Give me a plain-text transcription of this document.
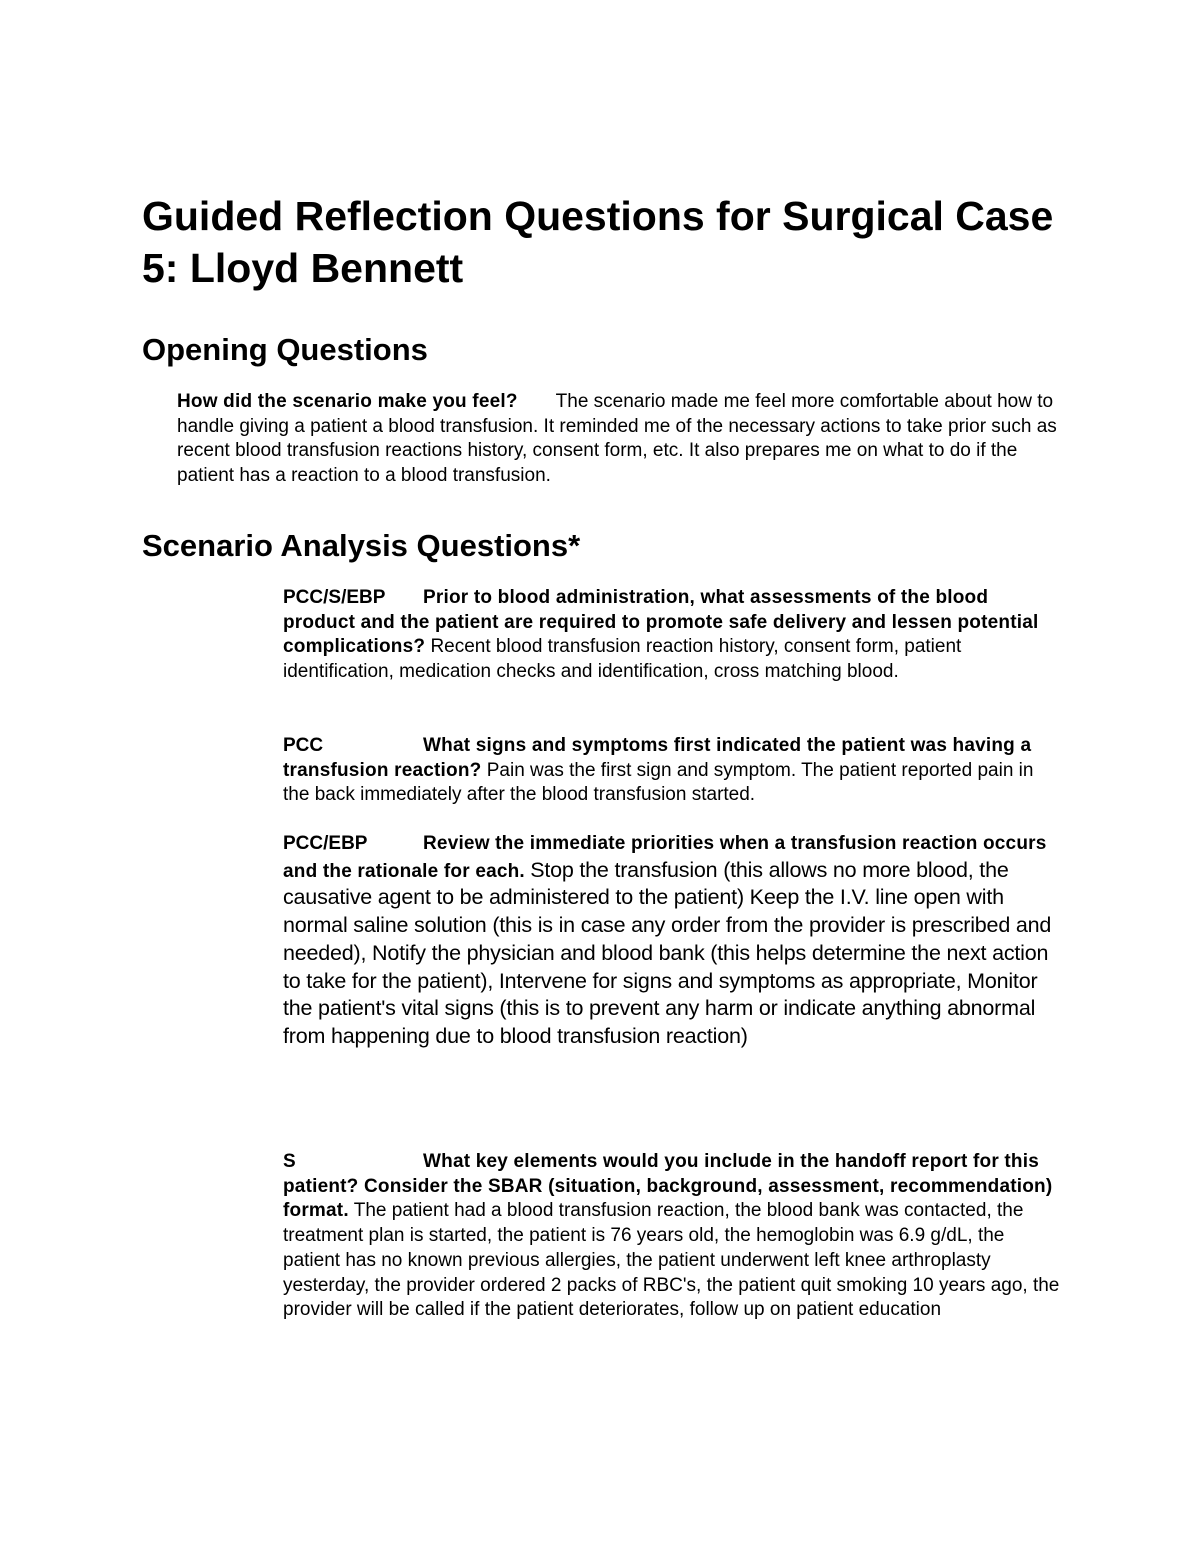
Guided Reflection Questions for Surgical Case 5: Lloyd Bennett
Opening Questions

How did the scenario make you feel? The scenario made me feel more comfortable about how to handle giving a patient a blood transfusion. It reminded me of the necessary actions to take prior such as recent blood transfusion reactions history, consent form, etc. It also prepares me on what to do if the patient has a reaction to a blood transfusion.

Scenario Analysis Questions*

PCC/S/EBP Prior to blood administration, what assessments of the blood product and the patient are required to promote safe delivery and lessen potential complications? Recent blood transfusion reaction history, consent form, patient identification, medication checks and identification, cross matching blood.

PCC	What signs and symptoms first indicated the patient was having a transfusion reaction? Pain was the first sign and symptom. The patient reported pain in the back immediately after the blood transfusion started.

PCC/EBP	Review the immediate priorities when a transfusion reaction occurs and the rationale for each. Stop the transfusion (this allows no more blood, the causative agent to be administered to the patient) Keep the I.V. line open with normal saline solution (this is in case any order from the provider is prescribed and needed), Notify the physician and blood bank (this helps determine the next action to take for the patient), Intervene for signs and symptoms as appropriate, Monitor the patient's vital signs (this is to prevent any harm or indicate anything abnormal from happening due to blood transfusion reaction)

S	What key elements would you include in the handoff report for this patient? Consider the SBAR (situation, background, assessment, recommendation) format. The patient had a blood transfusion reaction, the blood bank was contacted, the treatment plan is started, the patient is 76 years old, the hemoglobin was 6.9 g/dL, the patient has no known previous allergies, the patient underwent left knee arthroplasty yesterday, the provider ordered 2 packs of RBC's, the patient quit smoking 10 years ago, the provider will be called if the patient deteriorates, follow up on patient education
